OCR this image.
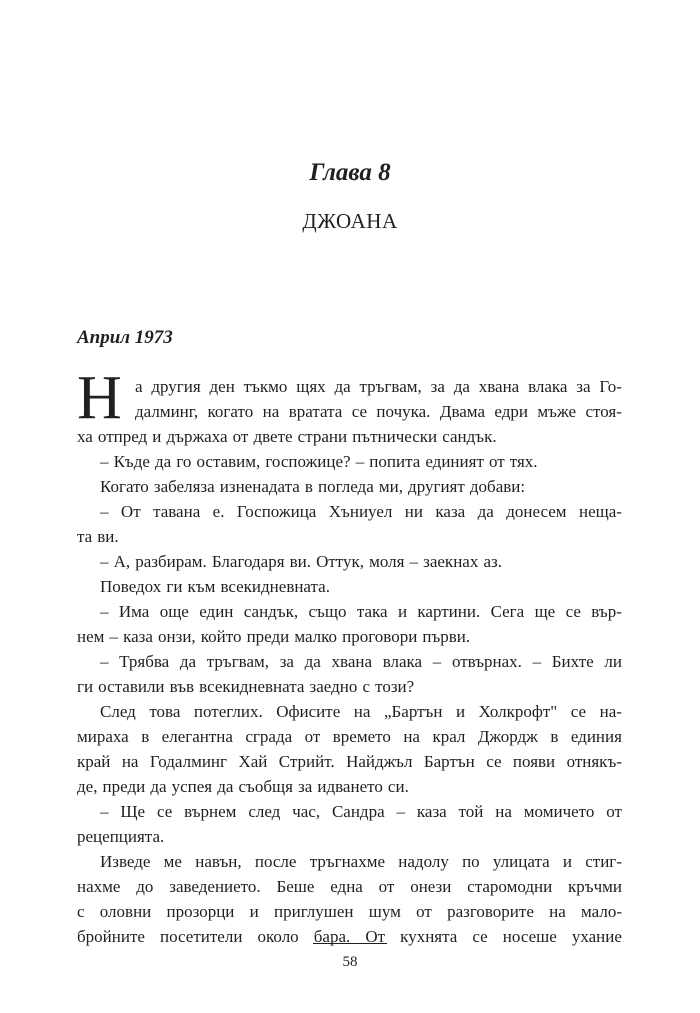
Глава 8
ДЖОАНА
Април 1973
Н а другия ден тъкмо щях да тръгвам, за да хвана влака за Го-
далминг, когато на вратата се почука. Двама едри мъже стоя-
ха отпред и държаха от двете страни пътнически сандък.
– Къде да го оставим, госпожице? – попита единият от тях.
Когато забеляза изненадата в погледа ми, другият добави:
– От тавана е. Госпожица Хъниуел ни каза да донесем неща-
та ви.
– А, разбирам. Благодаря ви. Оттук, моля – заекнах аз.
Поведох ги към всекидневната.
– Има още един сандък, също така и картини. Сега ще се вър-
нем – каза онзи, който преди малко проговори първи.
– Трябва да тръгвам, за да хвана влака – отвърнах. – Бихте ли
ги оставили във всекидневната заедно с този?
След това потеглих. Офисите на „Бартън и Холкрофт" се на-
мираха в елегантна сграда от времето на крал Джордж в единия
край на Годалминг Хай Стрийт. Найджъл Бартън се появи отнякъ-
де, преди да успея да съобщя за идването си.
– Ще се върнем след час, Сандра – каза той на момичето от
рецепцията.
Изведе ме навън, после тръгнахме надолу по улицата и стиг-
нахме до заведението. Беше една от онези старомодни кръчми
с оловни прозорци и приглушен шум от разговорите на мало-
бройните посетители около бара. От кухнята се носеше ухание
58
